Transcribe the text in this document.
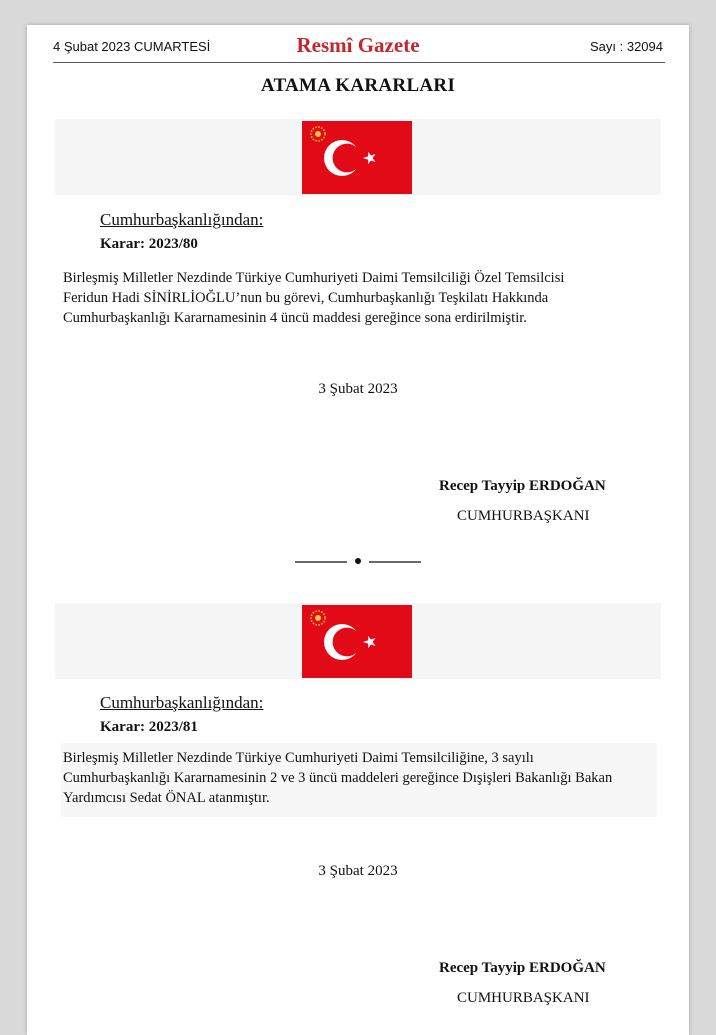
4 Şubat 2023 CUMARTESİ	Resmî Gazete	Sayı : 32094
ATAMA KARARLARI
Cumhurbaşkanlığından:
Karar: 2023/80
Birleşmiş Milletler Nezdinde Türkiye Cumhuriyeti Daimi Temsilciliği Özel Temsilcisi
Feridun Hadi SİNİRLİOĞLU’nun bu görevi, Cumhurbaşkanlığı Teşkilatı Hakkında
Cumhurbaşkanlığı Kararnamesinin 4 üncü maddesi gereğince sona erdirilmiştir.
3 Şubat 2023
Recep Tayyip ERDOĞAN
CUMHURBAŞKANI
Cumhurbaşkanlığından:
Karar: 2023/81
Birleşmiş Milletler Nezdinde Türkiye Cumhuriyeti Daimi Temsilciliğine, 3 sayılı
Cumhurbaşkanlığı Kararnamesinin 2 ve 3 üncü maddeleri gereğince Dışişleri Bakanlığı Bakan
Yardımcısı Sedat ÖNAL atanmıştır.
3 Şubat 2023
Recep Tayyip ERDOĞAN
CUMHURBAŞKANI
